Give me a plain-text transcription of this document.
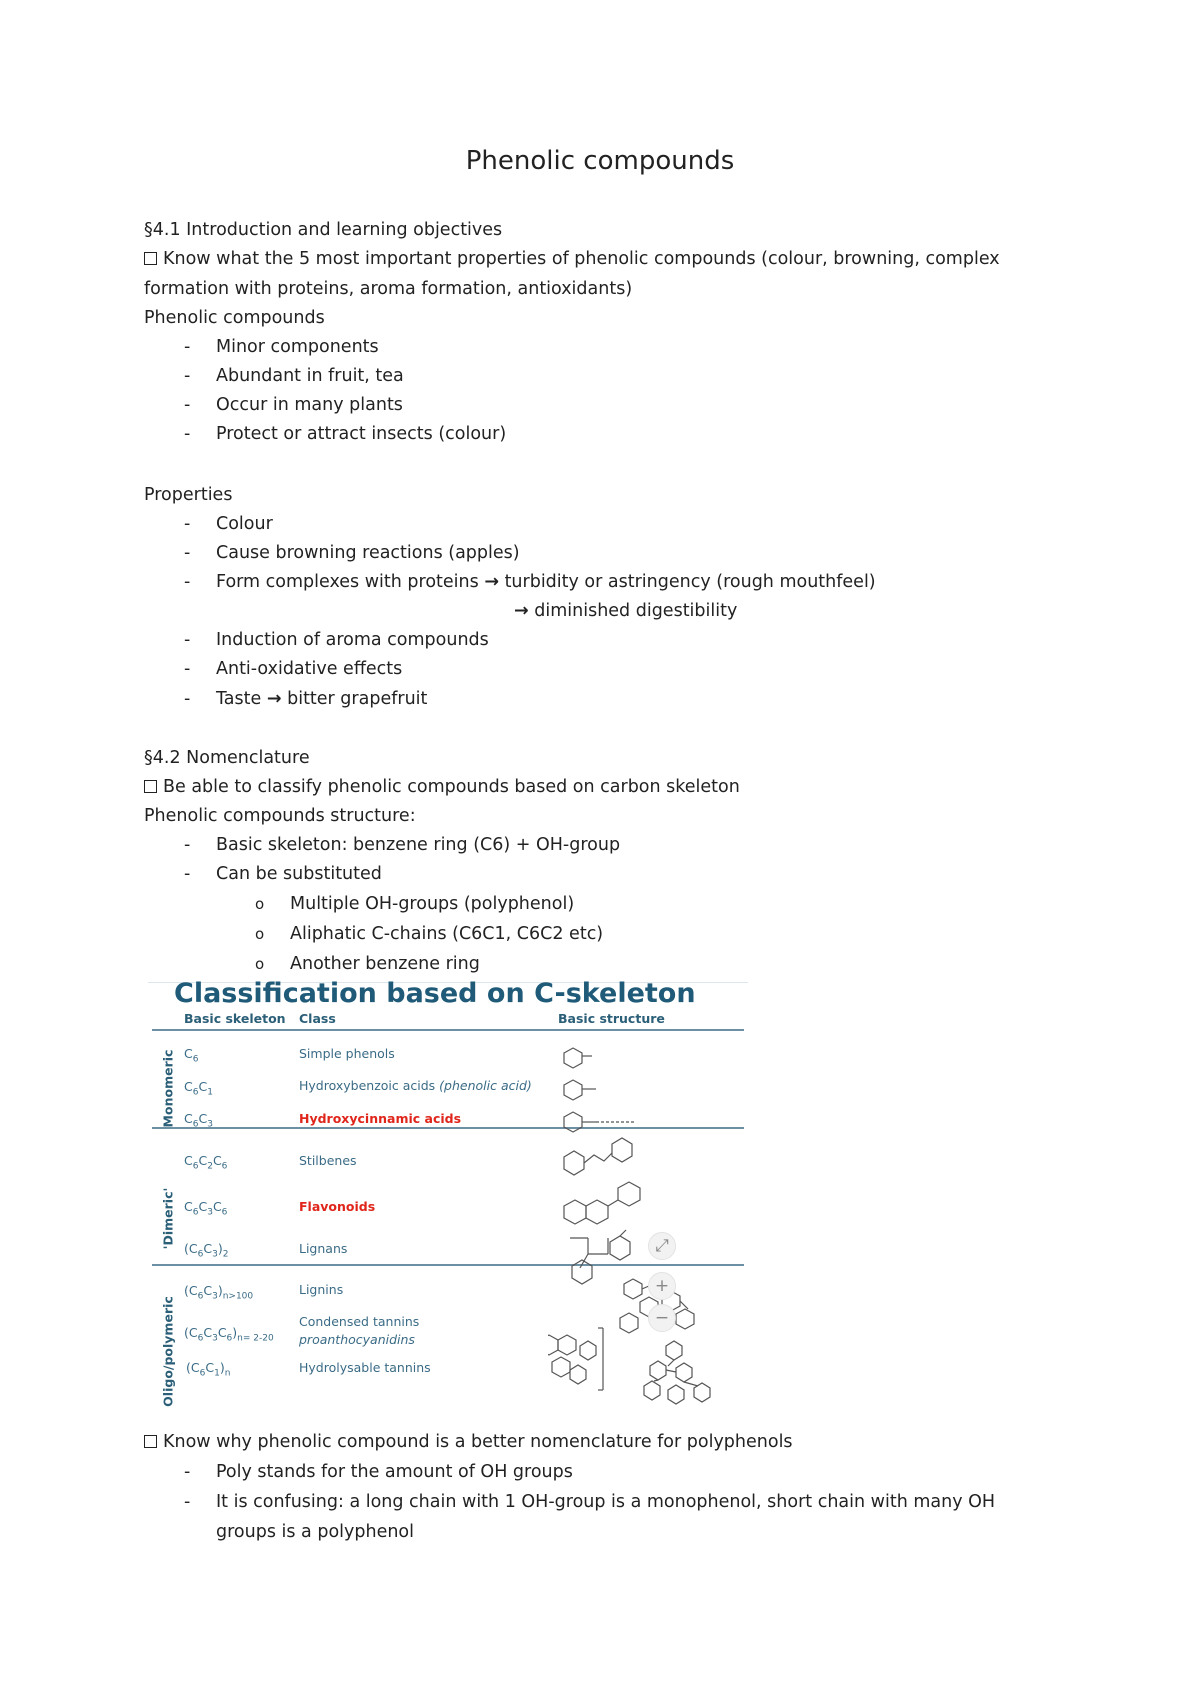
Phenolic compounds
§4.1 Introduction and learning objectives
Know what the 5 most important properties of phenolic compounds (colour, browning, complex
formation with proteins, aroma formation, antioxidants)
Phenolic compounds
- Minor components
- Abundant in fruit, tea
- Occur in many plants
- Protect or attract insects (colour)
Properties
- Colour
- Cause browning reactions (apples)
- Form complexes with proteins → turbidity or astringency (rough mouthfeel)
→ diminished digestibility
- Induction of aroma compounds
- Anti-oxidative effects
- Taste → bitter grapefruit
§4.2 Nomenclature
Be able to classify phenolic compounds based on carbon skeleton
Phenolic compounds structure:
- Basic skeleton: benzene ring (C6) + OH-group
- Can be substituted
o Multiple OH-groups (polyphenol)
o Aliphatic C-chains (C6C1, C6C2 etc)
o Another benzene ring
Classification based on C-skeleton
Basic skeleton Class	Basic structure
Monomeric
'Dimeric'
Oligo/polymeric
$C_6$
$C_6C_1$
$C_6C_3$
$C_6C_2C_6$
$C_6C_3C_6$
$(C_6C_3)_2$
$(C_6C_3)_{n>100}$
$(C_6C_3C_6)_{n= 2-20}$
$(C_6C_1)_n$
Simple phenols
Hydroxybenzoic acids (phenolic acid)
Hydroxycinnamic acids
Stilbenes
Flavonoids
Lignans
Lignins
Condensed tannins
proanthocyanidins
Hydrolysable tannins
⤢
+
−
Know why phenolic compound is a better nomenclature for polyphenols
- Poly stands for the amount of OH groups
- It is confusing: a long chain with 1 OH-group is a monophenol, short chain with many OH
groups is a polyphenol
